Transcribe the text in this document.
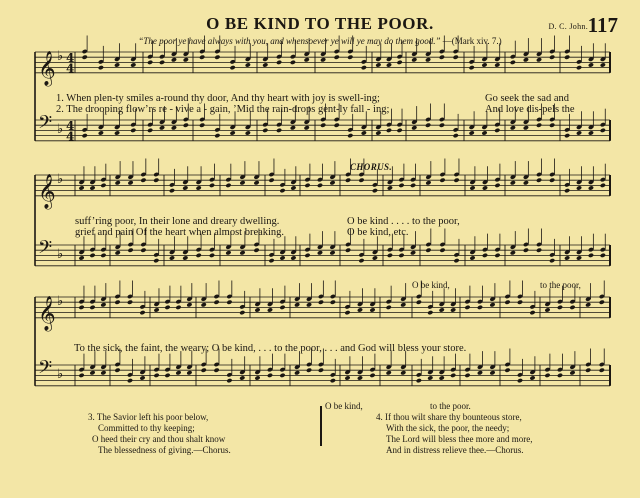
O BE KIND TO THE POOR.	D. C. John. 117
“The poor ye have always with you, and whensoever ye will ye may do them good.” —(Mark xiv. 7.)
𝄞 ♭ 4
4
𝄢 ♭ 4
4
𝄞 ♭
𝄢 ♭
𝄞 ♭
𝄢 ♭
1. When plen-ty smiles a-round thy door, And thy heart with joy is swell-ing;	Go seek the sad and
2. The drooping flow’rs re - vive a - gain, ’Mid the rain-drops gent-ly fall - ing;	And love dis-pels the
CHORUS.
suff’ring poor, In their lone and dreary dwelling.	O be kind . . . . to the poor,
grief and pain Of the heart when almost breaking.	O be kind, etc.
O be kind,	to the poor,
To the sick, the faint, the weary; O be kind, . . . to the poor, . . . and God will bless your store.
O be kind,	to the poor.
3. The Savior left his poor below,
Committed to thy keeping;
O heed their cry and thou shalt know
The blessedness of giving.—Chorus.
4. If thou wilt share thy bounteous store,
With the sick, the poor, the needy;
The Lord will bless thee more and more,
And in distress relieve thee.—Chorus.
